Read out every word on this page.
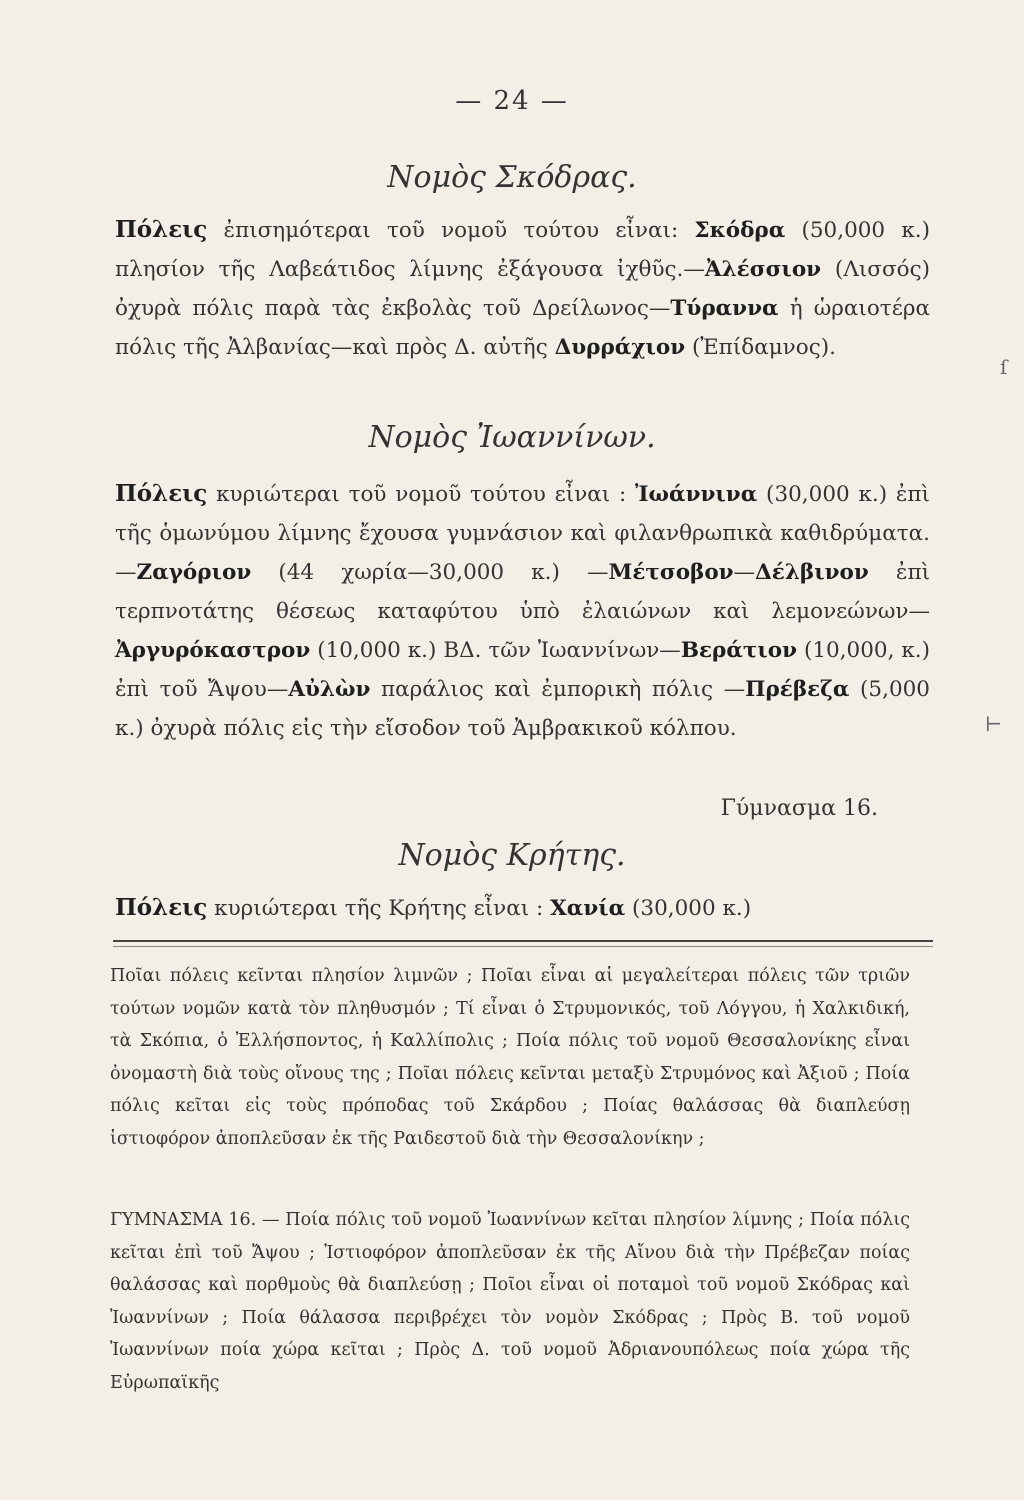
— 24 —
Νομὸς Σκόδρας.
Πόλεις ἐπισημότεραι τοῦ νομοῦ τούτου εἶναι: Σκόδρα (50,000 κ.) πλησίον τῆς Λαβεάτιδος λίμνης ἐξάγουσα ἰχθῦς.—Ἀλέσσιον (Λισσός) ὀχυρὰ πόλις παρὰ τὰς ἐκβολὰς τοῦ Δρείλωνος—Τύραννα ἡ ὡραιοτέρα πόλις τῆς Ἀλβανίας—καὶ πρὸς Δ. αὐτῆς Δυρράχιον (Ἐπίδαμνος).
Νομὸς Ἰωαννίνων.
Πόλεις κυριώτεραι τοῦ νομοῦ τούτου εἶναι : Ἰωάννινα (30,000 κ.) ἐπὶ τῆς ὁμωνύμου λίμνης ἔχουσα γυμνάσιον καὶ φιλανθρωπικὰ καθιδρύματα.—Ζαγόριον (44 χωρία—30,000 κ.) —Μέτσοβον—Δέλβινον ἐπὶ τερπνοτάτης θέσεως καταφύτου ὑπὸ ἐλαιώνων καὶ λεμονεώνων—Ἀργυρόκαστρον (10,000 κ.) ΒΔ. τῶν Ἰωαννίνων—Βεράτιον (10,000, κ.) ἐπὶ τοῦ Ἄψου—Αὐλὼν παράλιος καὶ ἐμπορικὴ πόλις —Πρέβεζα (5,000 κ.) ὀχυρὰ πόλις εἰς τὴν εἴσοδον τοῦ Ἀμβρακικοῦ κόλπου.
Γύμνασμα 16.
Νομὸς Κρήτης.
Πόλεις κυριώτεραι τῆς Κρήτης εἶναι : Χανία (30,000 κ.)
Ποῖαι πόλεις κεῖνται πλησίον λιμνῶν ; Ποῖαι εἶναι αἱ μεγαλείτεραι πόλεις τῶν τριῶν τούτων νομῶν κατὰ τὸν πληθυσμόν ; Τί εἶναι ὁ Στρυμονικός, τοῦ Λόγγου, ἡ Χαλκιδική, τὰ Σκόπια, ὁ Ἑλλήσποντος, ἡ Καλλίπολις ; Ποία πόλις τοῦ νομοῦ Θεσσαλονίκης εἶναι ὀνομαστὴ διὰ τοὺς οἴνους της ; Ποῖαι πόλεις κεῖνται μεταξὺ Στρυμόνος καὶ Ἀξιοῦ ; Ποία πόλις κεῖται εἰς τοὺς πρόποδας τοῦ Σκάρδου ; Ποίας θαλάσσας θὰ διαπλεύσῃ ἱστιοφόρον ἀποπλεῦσαν ἐκ τῆς Ραιδεστοῦ διὰ τὴν Θεσσαλονίκην ;
ΓΥΜΝΑΣΜΑ 16. — Ποία πόλις τοῦ νομοῦ Ἰωαννίνων κεῖται πλησίον λίμνης ; Ποία πόλις κεῖται ἐπὶ τοῦ Ἄψου ; Ἱστιοφόρον ἀποπλεῦσαν ἐκ τῆς Αἴνου διὰ τὴν Πρέβεζαν ποίας θαλάσσας καὶ πορθμοὺς θὰ διαπλεύσῃ ; Ποῖοι εἶναι οἱ ποταμοὶ τοῦ νομοῦ Σκόδρας καὶ Ἰωαννίνων ; Ποία θάλασσα περιβρέχει τὸν νομὸν Σκόδρας ; Πρὸς Β. τοῦ νομοῦ Ἰωαννίνων ποία χώρα κεῖται ; Πρὸς Δ. τοῦ νομοῦ Ἀδριανουπόλεως ποία χώρα τῆς Εὐρωπαϊκῆς
ſ
⊢
